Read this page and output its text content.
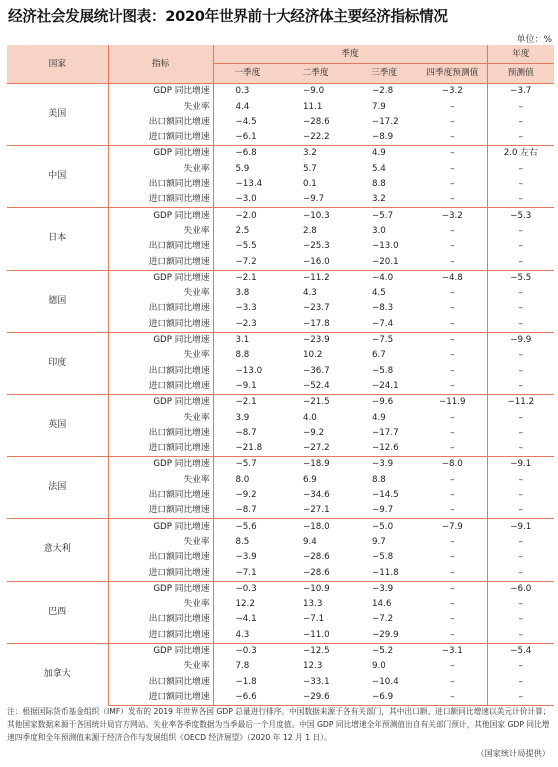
经济社会发展统计图表：2020年世界前十大经济体主要经济指标情况
单位：%
国家	指标	季度				年度
		一季度	二季度	三季度	四季度预测值	预测值
美国	GDP 同比增速	0.3	−9.0	−2.8	−3.2	−3.7
	失业率	4.4	11.1	7.9	–	–
	出口额同比增速	−4.5	−28.6	−17.2	–	–
	进口额同比增速	−6.1	−22.2	−8.9	–	–
中国	GDP 同比增速	−6.8	3.2	4.9	–	2.0 左右
	失业率	5.9	5.7	5.4	–	–
	出口额同比增速	−13.4	0.1	8.8	–	–
	进口额同比增速	−3.0	−9.7	3.2	–	–
日本	GDP 同比增速	−2.0	−10.3	−5.7	−3.2	−5.3
	失业率	2.5	2.8	3.0	–	–
	出口额同比增速	−5.5	−25.3	−13.0	–	–
	进口额同比增速	−7.2	−16.0	−20.1	–	–
德国	GDP 同比增速	−2.1	−11.2	−4.0	−4.8	−5.5
	失业率	3.8	4.3	4.5	–	–
	出口额同比增速	−3.3	−23.7	−8.3	–	–
	进口额同比增速	−2.3	−17.8	−7.4	–	–
印度	GDP 同比增速	3.1	−23.9	−7.5	–	−9.9
	失业率	8.8	10.2	6.7	–	–
	出口额同比增速	−13.0	−36.7	−5.8	–	–
	进口额同比增速	−9.1	−52.4	−24.1	–	–
英国	GDP 同比增速	−2.1	−21.5	−9.6	−11.9	−11.2
	失业率	3.9	4.0	4.9	–	–
	出口额同比增速	−8.7	−9.2	−17.7	–	–
	进口额同比增速	−21.8	−27.2	−12.6	–	–
法国	GDP 同比增速	−5.7	−18.9	−3.9	−8.0	−9.1
	失业率	8.0	6.9	8.8	–	–
	出口额同比增速	−9.2	−34.6	−14.5	–	–
	进口额同比增速	−8.7	−27.1	−9.7	–	–
意大利	GDP 同比增速	−5.6	−18.0	−5.0	−7.9	−9.1
	失业率	8.5	9.4	9.7	–	–
	出口额同比增速	−3.9	−28.6	−5.8	–	–
	进口额同比增速	−7.1	−28.6	−11.8	–	–
巴西	GDP 同比增速	−0.3	−10.9	−3.9	–	−6.0
	失业率	12.2	13.3	14.6	–	–
	出口额同比增速	−4.1	−7.1	−7.2	–	–
	进口额同比增速	4.3	−11.0	−29.9	–	–
加拿大	GDP 同比增速	−0.3	−12.5	−5.2	−3.1	−5.4
	失业率	7.8	12.3	9.0	–	–
	出口额同比增速	−1.8	−33.1	−10.4	–	–
	进口额同比增速	−6.6	−29.6	−6.9	–	–
注：根据国际货币基金组织（IMF）发布的 2019 年世界各国 GDP 总量进行排序。中国数据来源于各有关部门，其中出口额、进口额同比增速以美元计价计算；其他国家数据来源于各国统计局官方网站。失业率各季度数据为当季最后一个月度值。中国 GDP 同比增速全年预测值出自有关部门预计，其他国家 GDP 同比增速四季度和全年预测值来源于经济合作与发展组织《OECD 经济展望》（2020 年 12 月 1 日）。
（国家统计局提供）
